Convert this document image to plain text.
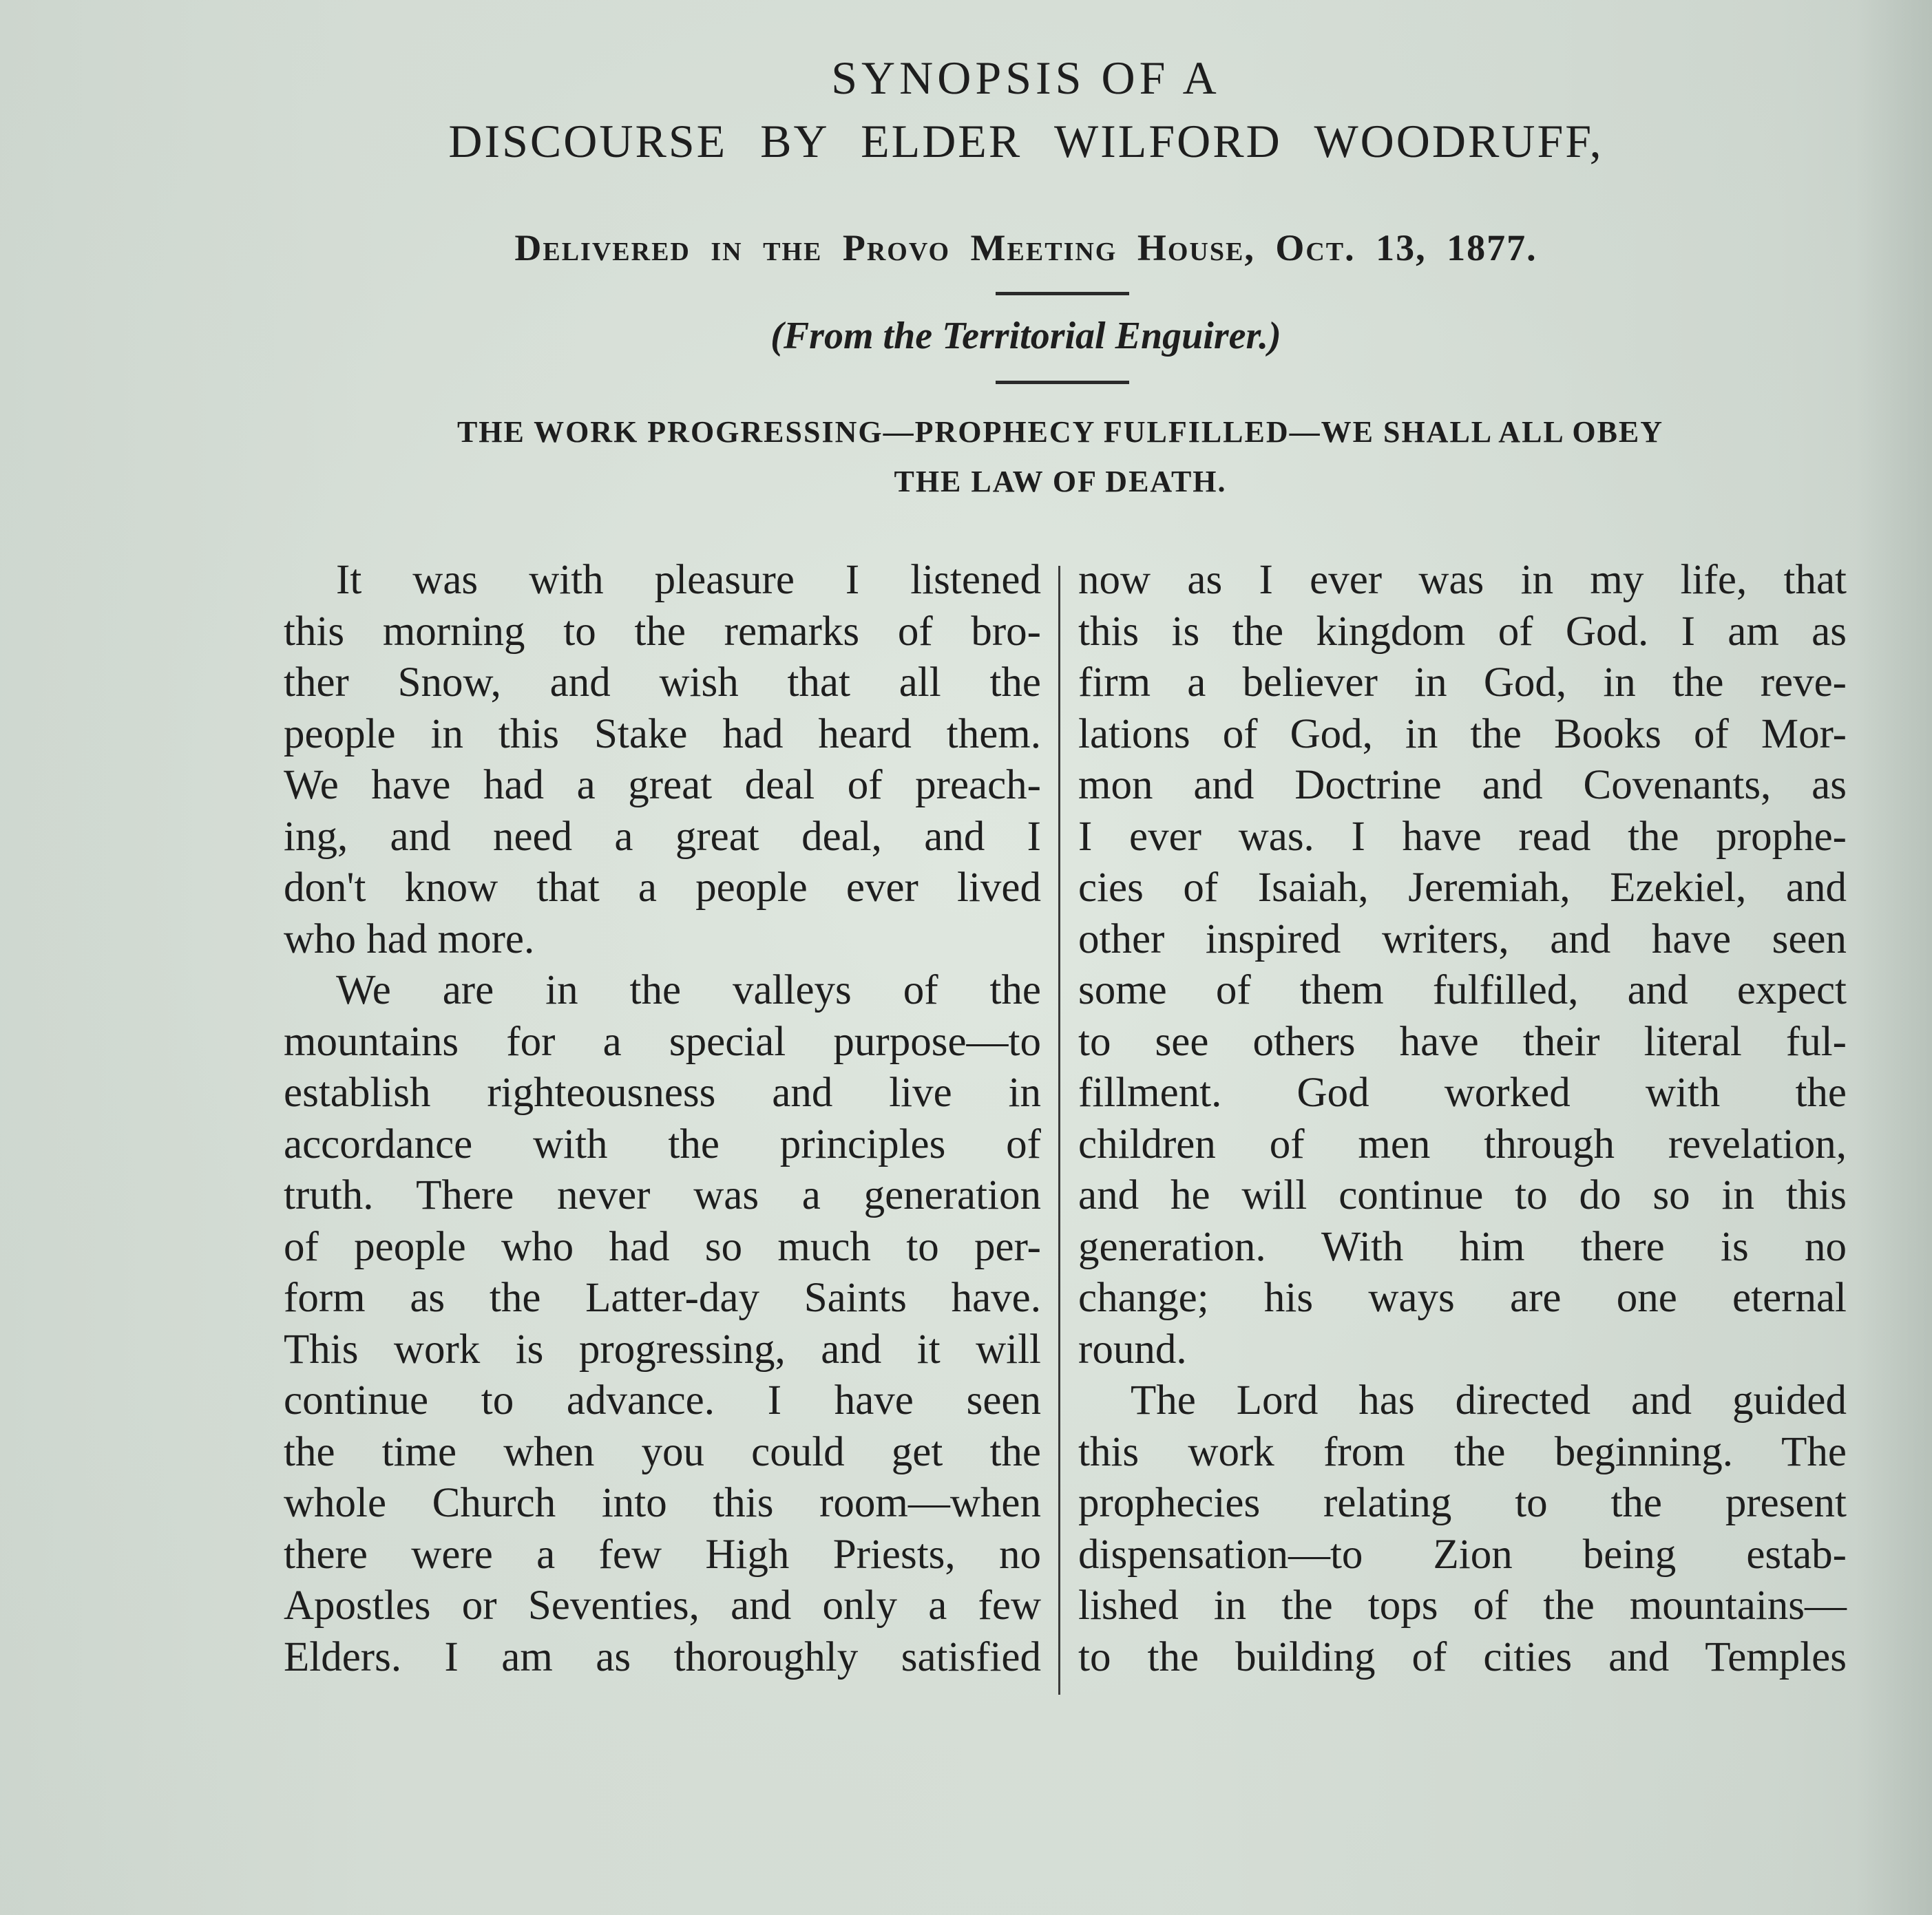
SYNOPSIS OF A
DISCOURSE BY ELDER WILFORD WOODRUFF,
Delivered in the Provo Meeting House, Oct. 13, 1877.
(From the Territorial Enguirer.)
THE WORK PROGRESSING—PROPHECY FULFILLED—WE SHALL ALL OBEY
THE LAW OF DEATH.
It was with pleasure I listened
this morning to the remarks of bro-
ther Snow, and wish that all the
people in this Stake had heard them.
We have had a great deal of preach-
ing, and need a great deal, and I
don't know that a people ever lived
who had more.
We are in the valleys of the
mountains for a special purpose—to
establish righteousness and live in
accordance with the principles of
truth. There never was a generation
of people who had so much to per-
form as the Latter-day Saints have.
This work is progressing, and it will
continue to advance. I have seen
the time when you could get the
whole Church into this room—when
there were a few High Priests, no
Apostles or Seventies, and only a few
Elders. I am as thoroughly satisfied
now as I ever was in my life, that
this is the kingdom of God. I am as
firm a believer in God, in the reve-
lations of God, in the Books of Mor-
mon and Doctrine and Covenants, as
I ever was. I have read the prophe-
cies of Isaiah, Jeremiah, Ezekiel, and
other inspired writers, and have seen
some of them fulfilled, and expect
to see others have their literal ful-
fillment. God worked with the
children of men through revelation,
and he will continue to do so in this
generation. With him there is no
change; his ways are one eternal
round.
The Lord has directed and guided
this work from the beginning. The
prophecies relating to the present
dispensation—to Zion being estab-
lished in the tops of the mountains—
to the building of cities and Temples
